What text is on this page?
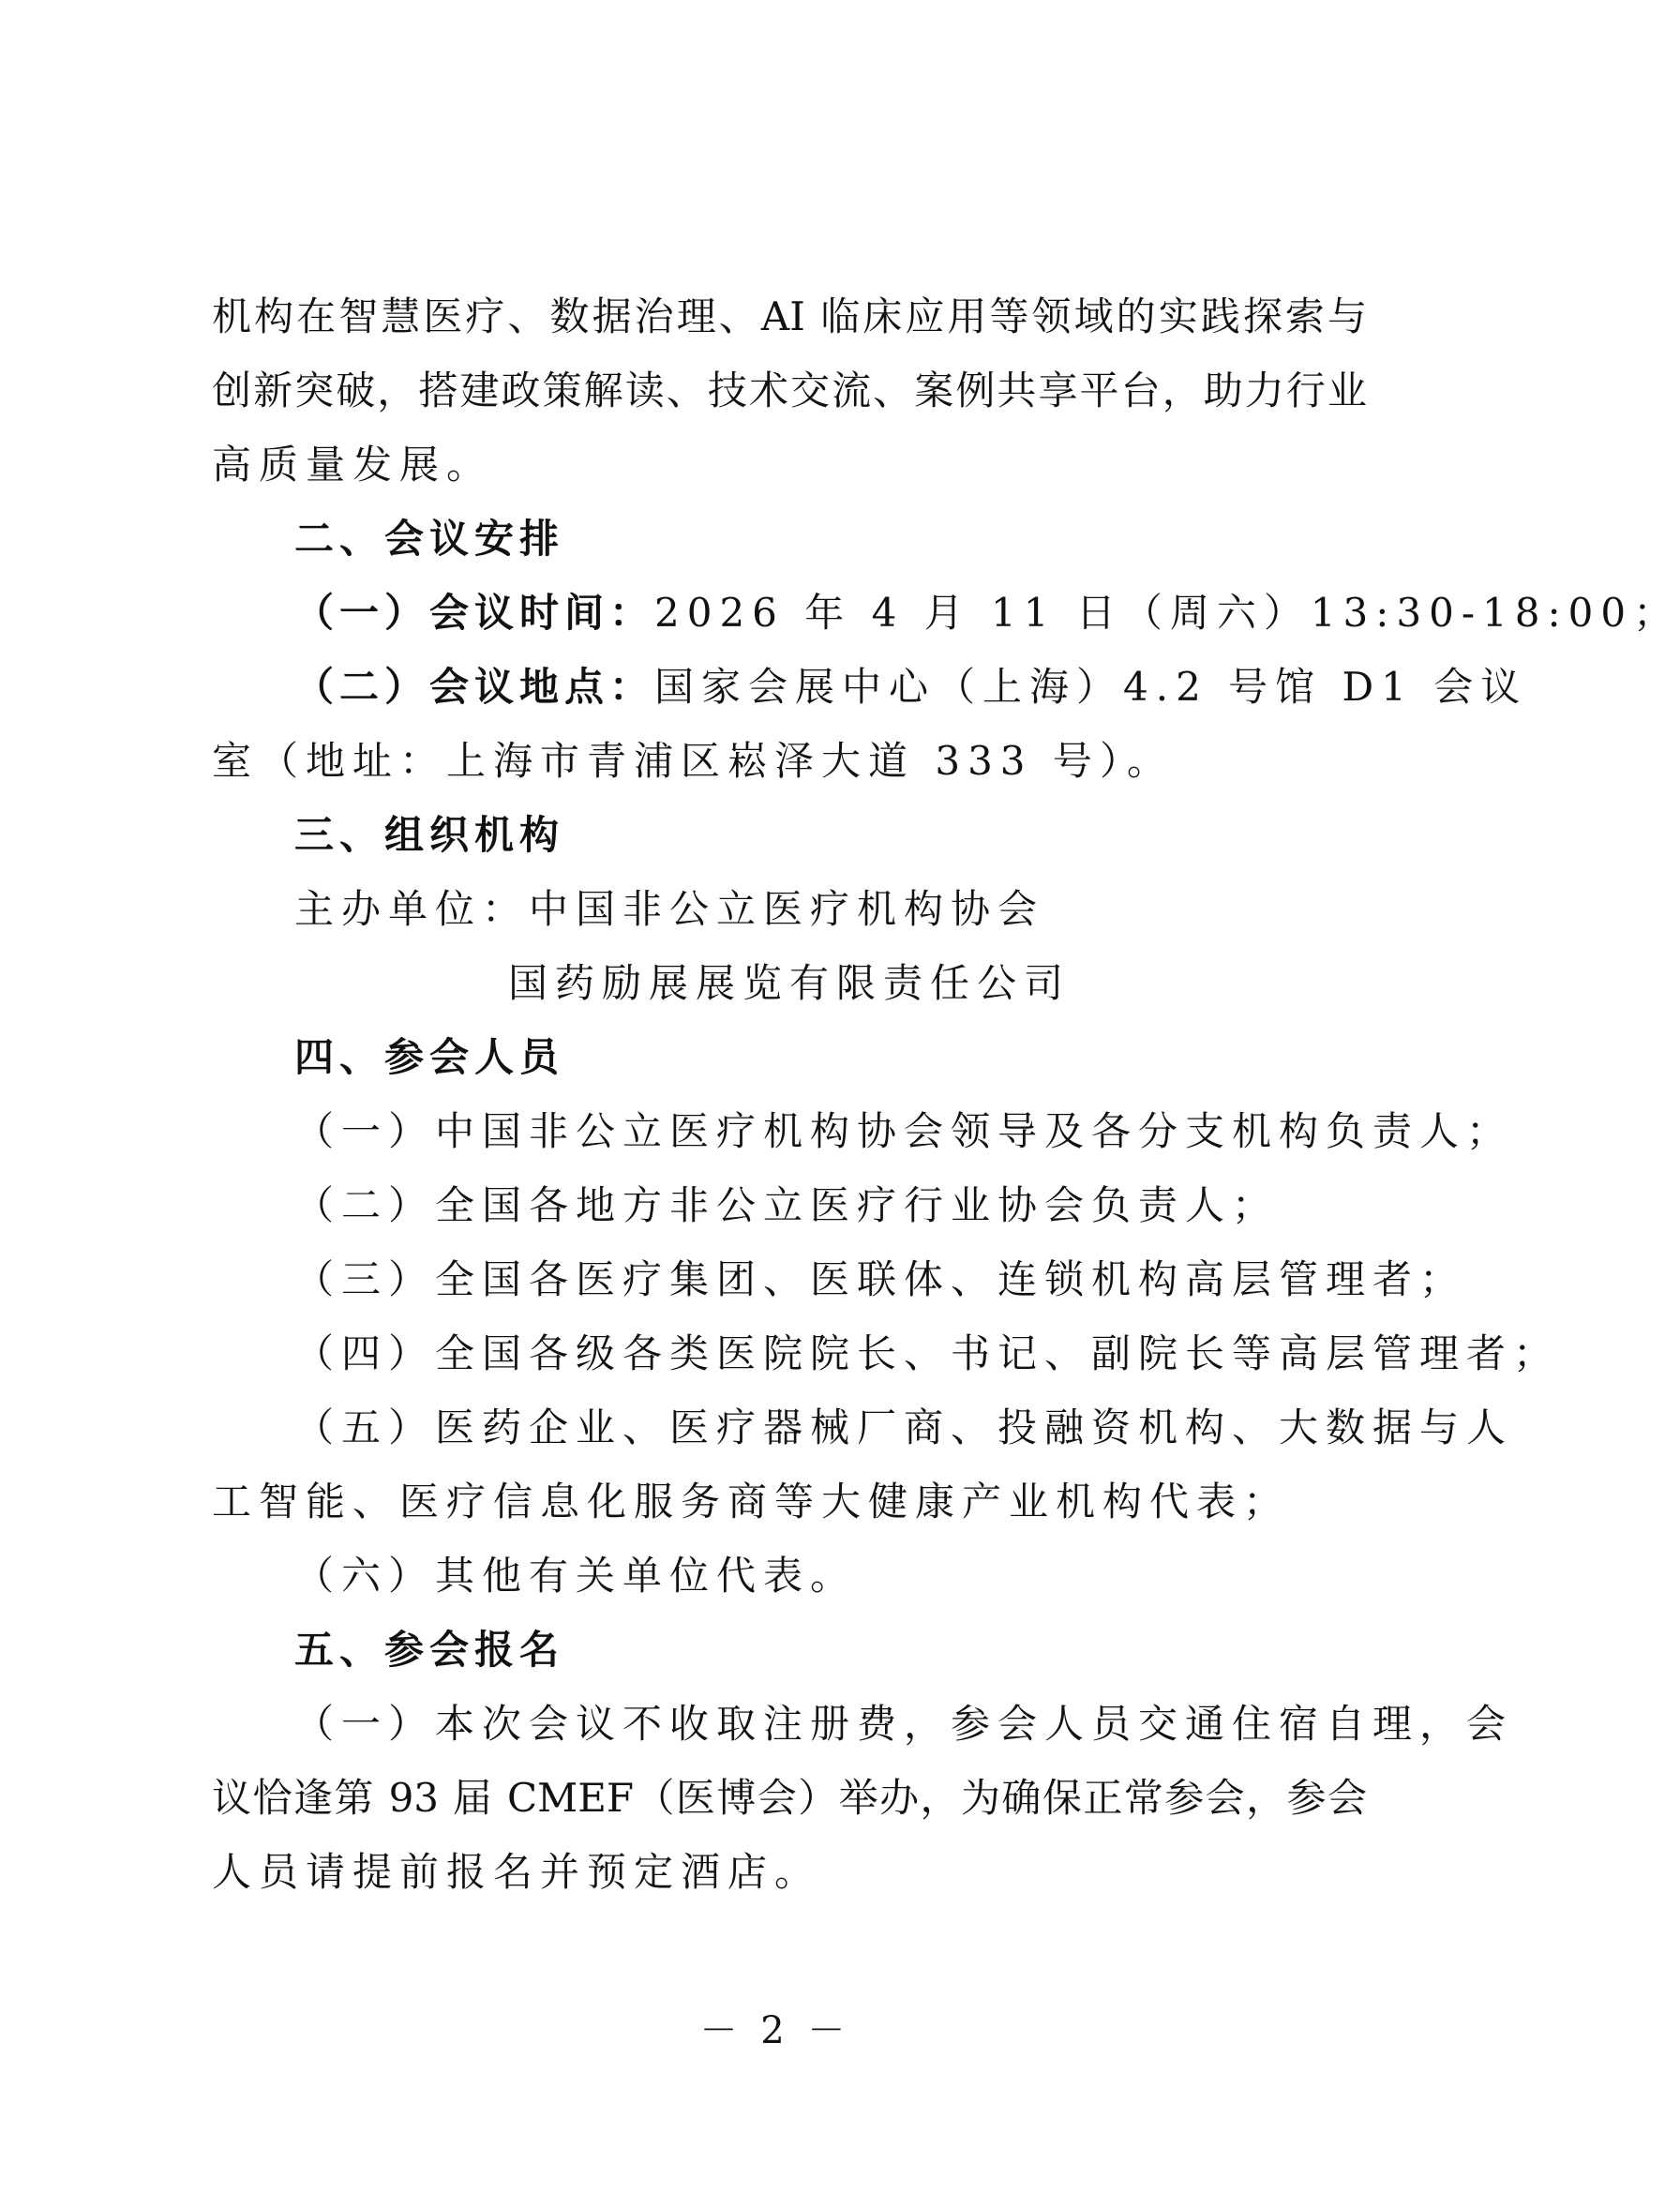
机构在智慧医疗、数据治理、AI 临床应用等领域的实践探索与
创新突破，搭建政策解读、技术交流、案例共享平台，助力行业
高质量发展。
二、会议安排
（一）会议时间：2026 年 4 月 11 日（周六）13:30-18:00；
（二）会议地点：国家会展中心（上海）4.2 号馆 D1 会议
室（地址：上海市青浦区崧泽大道 333 号）。
三、组织机构
主办单位：中国非公立医疗机构协会
国药励展展览有限责任公司
四、参会人员
（一）中国非公立医疗机构协会领导及各分支机构负责人；
（二）全国各地方非公立医疗行业协会负责人；
（三）全国各医疗集团、医联体、连锁机构高层管理者；
（四）全国各级各类医院院长、书记、副院长等高层管理者；
（五）医药企业、医疗器械厂商、投融资机构、大数据与人
工智能、医疗信息化服务商等大健康产业机构代表；
（六）其他有关单位代表。
五、参会报名
（一）本次会议不收取注册费，参会人员交通住宿自理，会
议恰逢第 93 届 CMEF（医博会）举办，为确保正常参会，参会
人员请提前报名并预定酒店。
－ 2 －
